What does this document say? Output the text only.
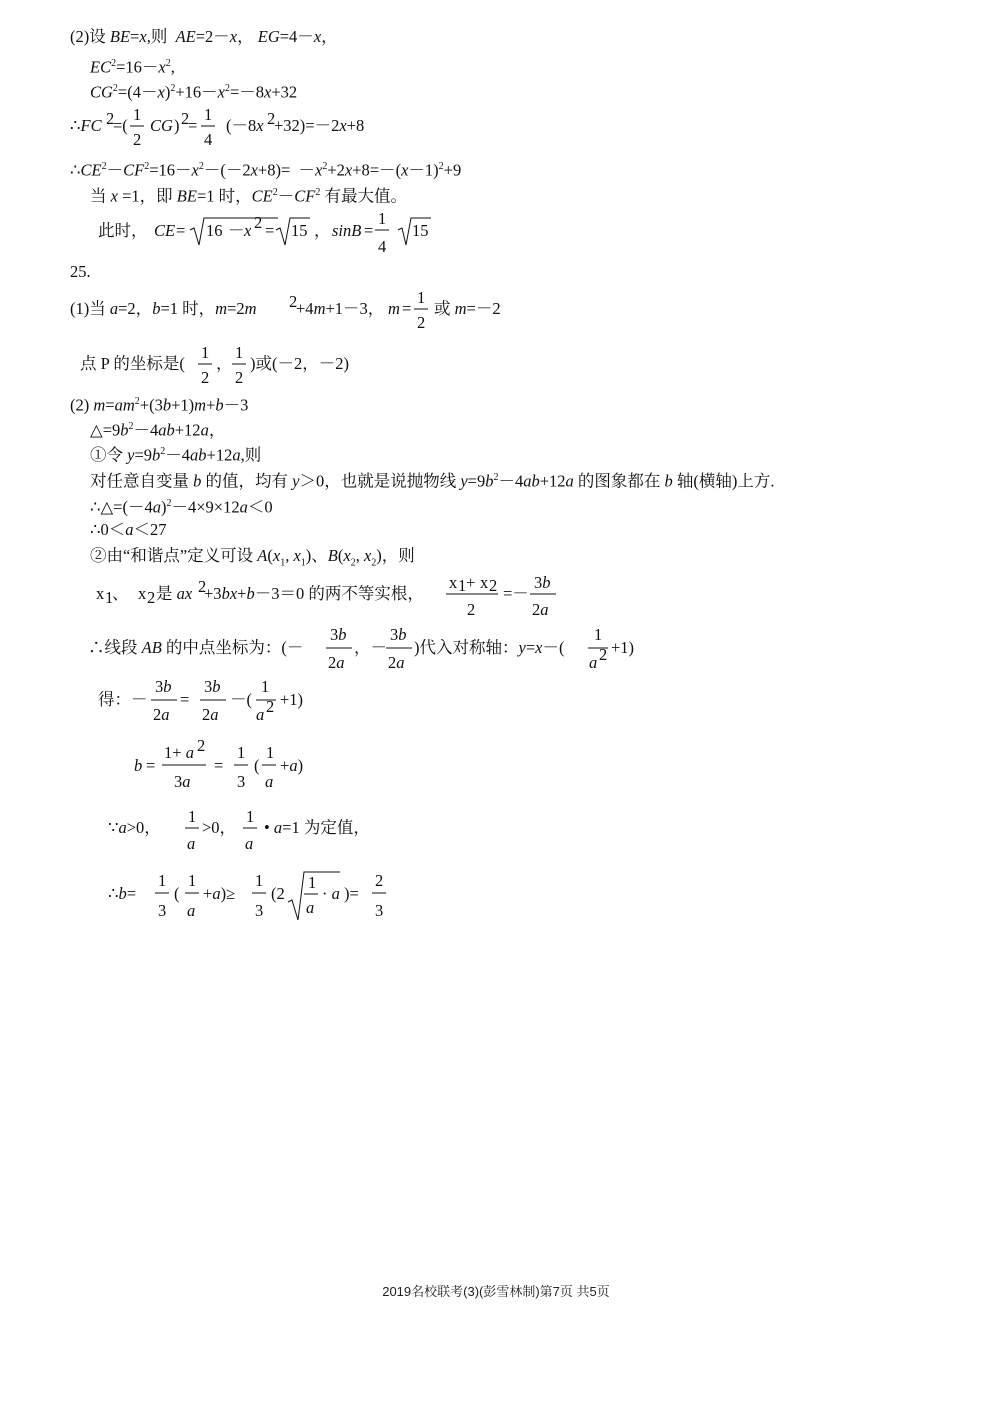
(2)设 BE=x,则  AE=2－x， EG=4－x，
$EC^2=16-x^2$,
$CG^2=(4-x)^2+16-x^2=-8x+32$
∴FC 2
=(
1
2
CG ) 2
=
1
4
(－8x 2
+32)=－2x+8
$\therefore CE^2-CF^2=16-x^2-(-2x+8)= -x^2+2x+8=-(x-1)^2+9$
当 x =1，即 BE=1 时，$CE^2-CF^2$ 有最大值。
此时， CE = 16 － x 2 = 15 ， sinB =
1
4
15
25.
(1)当 a=2，b=1 时，m=2m 2
+4m+1－3， m =
1
2
或 m=－2
点 P 的坐标是(
1
2
，
1
2
)或(－2，－2)
(2) $m=am^2+(3b+1)m+b-3$
$\triangle=9b^2-4ab+12a$，
①令 $y=9b^2-4ab+12a$,则
对任意自变量 b 的值，均有 y＞0，也就是说抛物线 $y=9b^2-4ab+12a$ 的图象都在 b 轴(横轴)上方.
$\therefore\triangle=(-4a)^2-4\times 9\times 12a<0$
∴0＜a＜27
②由“和谐点”定义可设 $A(x_1$, $x_1$)、$B(x_2$, $x_2$)，则
x 1
、 x 2 是 ax 2
+3bx+b－3＝0 的两不等实根，
x 1 + x 2
2
=－
3b
2a
∴线段 AB 的中点坐标为：(－
3b
2a
，－
3b
2a
)代入对称轴：y=x－(
1
a 2 +1)
得：－
3b
2a
=
3b
2a
－(
1
a 2 +1)
b =
1+ a 2
3a
=
1
3
(
1
a
+a)
∵a>0，
1
a
>0，
1
a
• a=1 为定值，
∴b=
1
3
(
1
a
+a)≥
1
3
(2
1
a
· a )=
2
3
2019名校联考(3)(彭雪林制)第7页 共5页
